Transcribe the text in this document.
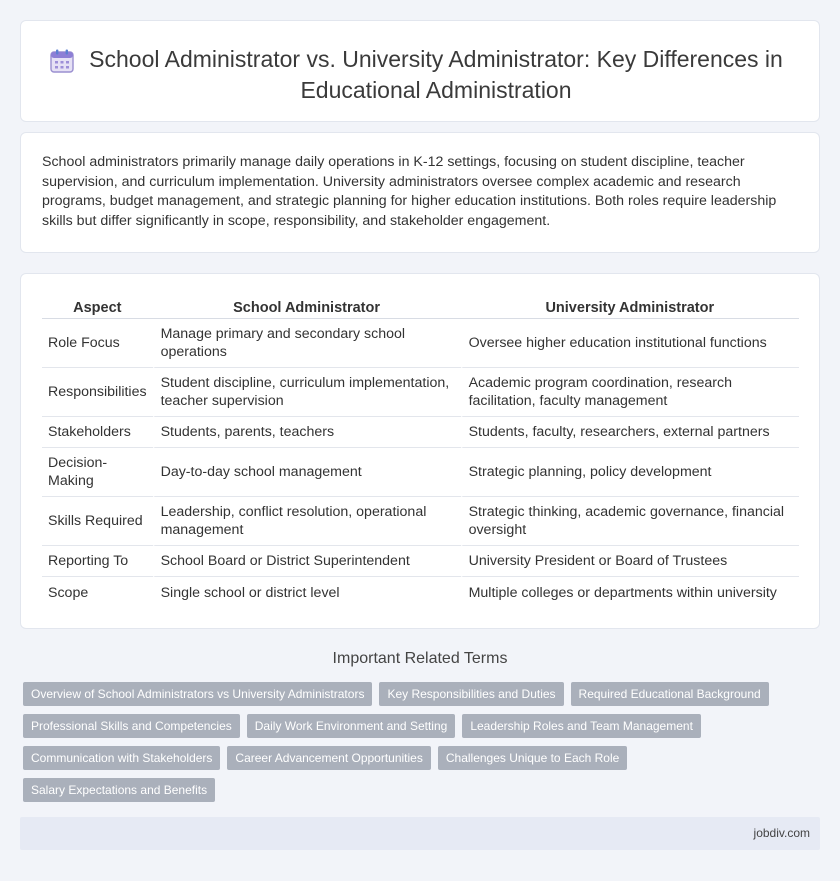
School Administrator vs. University Administrator: Key Differences in Educational Administration

School administrators primarily manage daily operations in K-12 settings, focusing on student discipline, teacher supervision, and curriculum implementation. University administrators oversee complex academic and research programs, budget management, and strategic planning for higher education institutions. Both roles require leadership skills but differ significantly in scope, responsibility, and stakeholder engagement.

Aspect	School Administrator	University Administrator
Role Focus	Manage primary and secondary school operations	Oversee higher education institutional functions
Responsibilities	Student discipline, curriculum implementation, teacher supervision	Academic program coordination, research facilitation, faculty management
Stakeholders	Students, parents, teachers	Students, faculty, researchers, external partners
Decision-Making	Day-to-day school management	Strategic planning, policy development
Skills Required	Leadership, conflict resolution, operational management	Strategic thinking, academic governance, financial oversight
Reporting To	School Board or District Superintendent	University President or Board of Trustees
Scope	Single school or district level	Multiple colleges or departments within university
Important Related Terms
Overview of School Administrators vs University Administrators	Key Responsibilities and Duties	Required Educational Background
Professional Skills and Competencies	Daily Work Environment and Setting	Leadership Roles and Team Management
Communication with Stakeholders	Career Advancement Opportunities	Challenges Unique to Each Role
Salary Expectations and Benefits
jobdiv.com
